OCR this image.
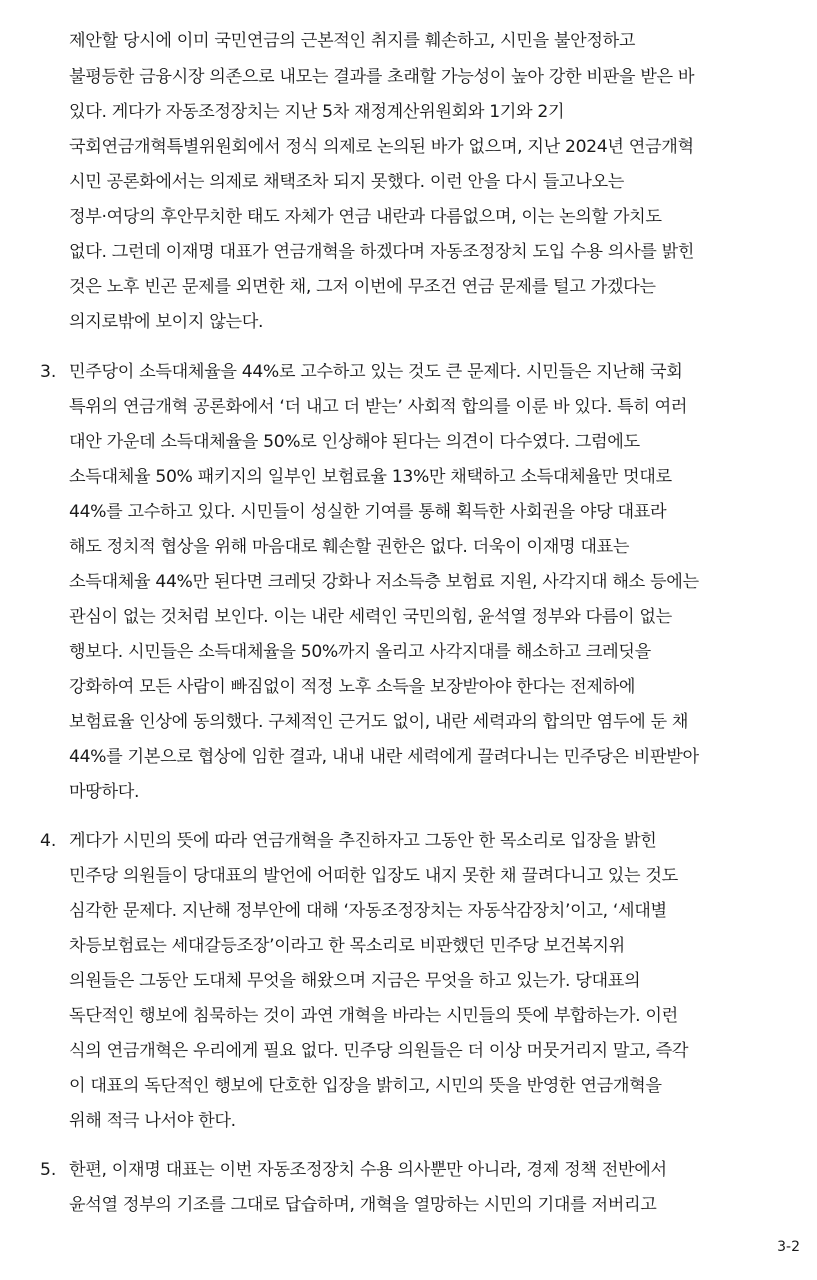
제안할 당시에 이미 국민연금의 근본적인 취지를 훼손하고, 시민을 불안정하고
불평등한 금융시장 의존으로 내모는 결과를 초래할 가능성이 높아 강한 비판을 받은 바
있다. 게다가 자동조정장치는 지난 5차 재정계산위원회와 1기와 2기
국회연금개혁특별위원회에서 정식 의제로 논의된 바가 없으며, 지난 2024년 연금개혁
시민 공론화에서는 의제로 채택조차 되지 못했다. 이런 안을 다시 들고나오는
정부·여당의 후안무치한 태도 자체가 연금 내란과 다름없으며, 이는 논의할 가치도
없다. 그런데 이재명 대표가 연금개혁을 하겠다며 자동조정장치 도입 수용 의사를 밝힌
것은 노후 빈곤 문제를 외면한 채, 그저 이번에 무조건 연금 문제를 털고 가겠다는
의지로밖에 보이지 않는다.
3. 민주당이 소득대체율을 44%로 고수하고 있는 것도 큰 문제다. 시민들은 지난해 국회
특위의 연금개혁 공론화에서 ‘더 내고 더 받는’ 사회적 합의를 이룬 바 있다. 특히 여러
대안 가운데 소득대체율을 50%로 인상해야 된다는 의견이 다수였다. 그럼에도
소득대체율 50% 패키지의 일부인 보험료율 13%만 채택하고 소득대체율만 멋대로
44%를 고수하고 있다. 시민들이 성실한 기여를 통해 획득한 사회권을 야당 대표라
해도 정치적 협상을 위해 마음대로 훼손할 권한은 없다. 더욱이 이재명 대표는
소득대체율 44%만 된다면 크레딧 강화나 저소득층 보험료 지원, 사각지대 해소 등에는
관심이 없는 것처럼 보인다. 이는 내란 세력인 국민의힘, 윤석열 정부와 다름이 없는
행보다. 시민들은 소득대체율을 50%까지 올리고 사각지대를 해소하고 크레딧을
강화하여 모든 사람이 빠짐없이 적정 노후 소득을 보장받아야 한다는 전제하에
보험료율 인상에 동의했다. 구체적인 근거도 없이, 내란 세력과의 합의만 염두에 둔 채
44%를 기본으로 협상에 임한 결과, 내내 내란 세력에게 끌려다니는 민주당은 비판받아
마땅하다.
4. 게다가 시민의 뜻에 따라 연금개혁을 추진하자고 그동안 한 목소리로 입장을 밝힌
민주당 의원들이 당대표의 발언에 어떠한 입장도 내지 못한 채 끌려다니고 있는 것도
심각한 문제다. 지난해 정부안에 대해 ‘자동조정장치는 자동삭감장치’이고, ‘세대별
차등보험료는 세대갈등조장’이라고 한 목소리로 비판했던 민주당 보건복지위
의원들은 그동안 도대체 무엇을 해왔으며 지금은 무엇을 하고 있는가. 당대표의
독단적인 행보에 침묵하는 것이 과연 개혁을 바라는 시민들의 뜻에 부합하는가. 이런
식의 연금개혁은 우리에게 필요 없다. 민주당 의원들은 더 이상 머뭇거리지 말고, 즉각
이 대표의 독단적인 행보에 단호한 입장을 밝히고, 시민의 뜻을 반영한 연금개혁을
위해 적극 나서야 한다.
5. 한편, 이재명 대표는 이번 자동조정장치 수용 의사뿐만 아니라, 경제 정책 전반에서
윤석열 정부의 기조를 그대로 답습하며, 개혁을 열망하는 시민의 기대를 저버리고
3-2
